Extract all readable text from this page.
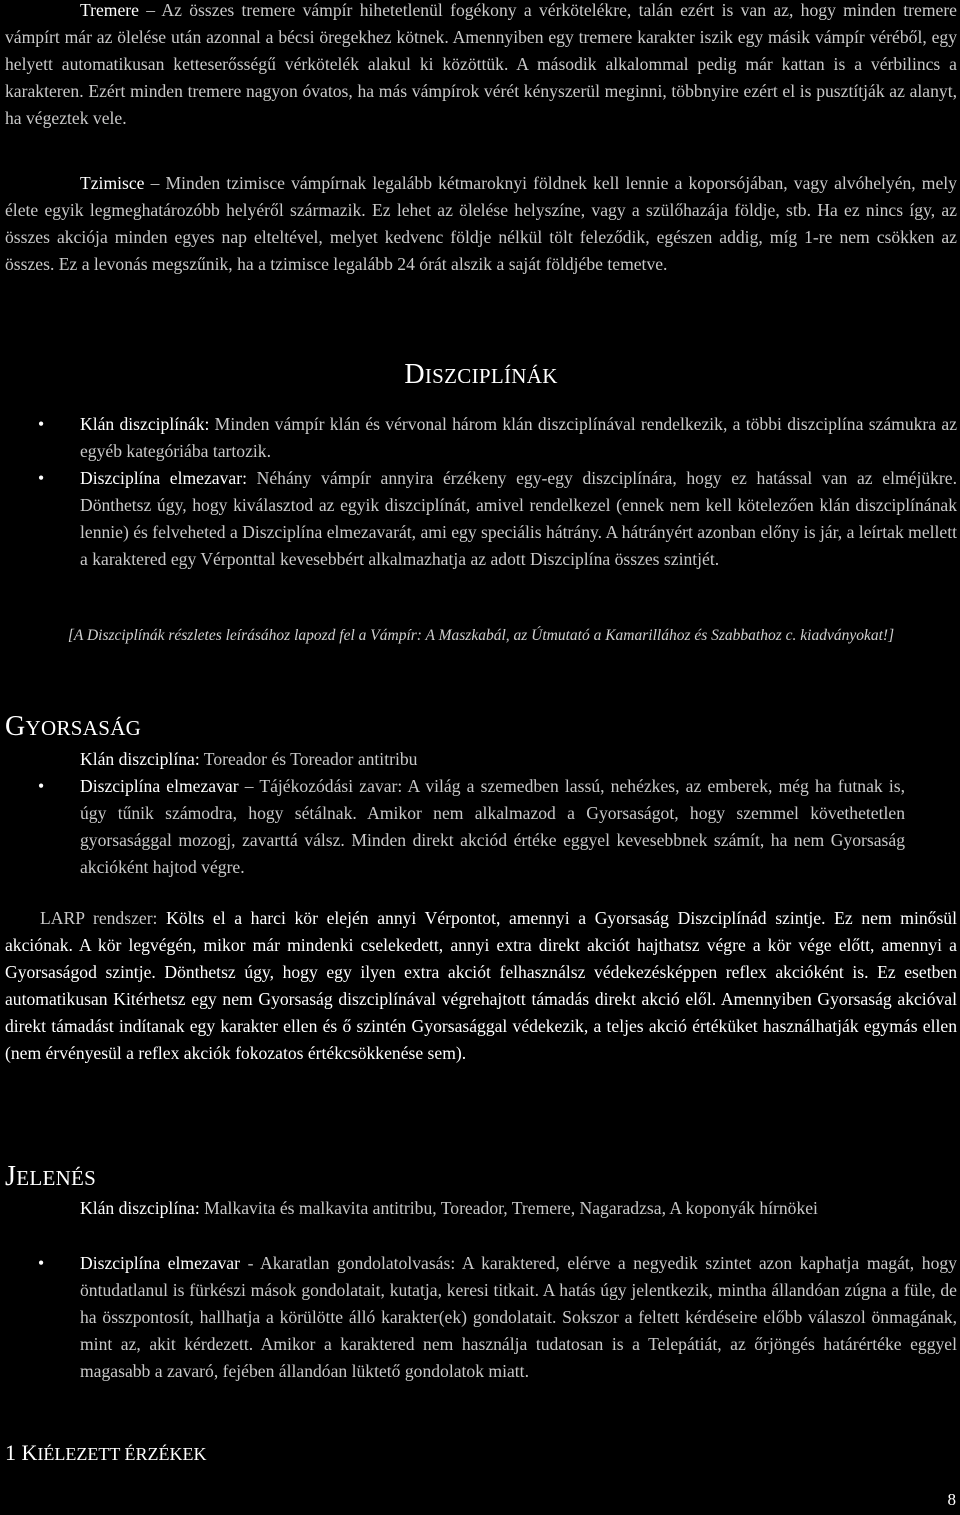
Tremere – Az összes tremere vámpír hihetetlenül fogékony a vérkötelékre, talán ezért is van az, hogy minden tremere vámpírt már az ölelése után azonnal a bécsi öregekhez kötnek. Amennyiben egy tremere karakter iszik egy másik vámpír véréből, egy helyett automatikusan ketteserősségű vérkötelék alakul ki közöttük. A második alkalommal pedig már kattan is a vérbilincs a karakteren. Ezért minden tremere nagyon óvatos, ha más vámpírok vérét kényszerül meginni, többnyire ezért el is pusztítják az alanyt, ha végeztek vele.

Tzimisce – Minden tzimisce vámpírnak legalább kétmaroknyi földnek kell lennie a koporsójában, vagy alvóhelyén, mely élete egyik legmeghatározóbb helyéről származik. Ez lehet az ölelése helyszíne, vagy a szülőhazája földje, stb. Ha ez nincs így, az összes akciója minden egyes nap elteltével, melyet kedvenc földje nélkül tölt feleződik, egészen addig, míg 1-re nem csökken az összes. Ez a levonás megszűnik, ha a tzimisce legalább 24 órát alszik a saját földjébe temetve.

DISZCIPLÍNÁK
• Klán diszciplínák: Minden vámpír klán és vérvonal három klán diszciplínával rendelkezik, a többi diszciplína számukra az egyéb kategóriába tartozik.
• Diszciplína elmezavar: Néhány vámpír annyira érzékeny egy-egy diszciplínára, hogy ez hatással van az elméjükre. Dönthetsz úgy, hogy kiválasztod az egyik diszciplínát, amivel rendelkezel (ennek nem kell kötelezően klán diszciplínának lennie) és felveheted a Diszciplína elmezavarát, ami egy speciális hátrány. A hátrányért azonban előny is jár, a leírtak mellett a karaktered egy Vérponttal kevesebbért alkalmazhatja az adott Diszciplína összes szintjét.

[A Diszciplínák részletes leírásához lapozd fel a Vámpír: A Maszkabál, az Útmutató a Kamarillához és Szabbathoz c. kiadványokat!]

GYORSASÁG

Klán diszciplína: Toreador és Toreador antitribu

• Diszciplína elmezavar – Tájékozódási zavar: A világ a szemedben lassú, nehézkes, az emberek, még ha futnak is, úgy tűnik számodra, hogy sétálnak. Amikor nem alkalmazod a Gyorsaságot, hogy szemmel követhetetlen gyorsasággal mozogj, zavarttá válsz. Minden direkt akciód értéke eggyel kevesebbnek számít, ha nem Gyorsaság akcióként hajtod végre.

LARP rendszer: Költs el a harci kör elején annyi Vérpontot, amennyi a Gyorsaság Diszciplínád szintje. Ez nem minősül akciónak. A kör legvégén, mikor már mindenki cselekedett, annyi extra direkt akciót hajthatsz végre a kör vége előtt, amennyi a Gyorsaságod szintje. Dönthetsz úgy, hogy egy ilyen extra akciót felhasználsz védekezésképpen reflex akcióként is. Ez esetben automatikusan Kitérhetsz egy nem Gyorsaság diszciplínával végrehajtott támadás direkt akció elől. Amennyiben Gyorsaság akcióval direkt támadást indítanak egy karakter ellen és ő szintén Gyorsasággal védekezik, a teljes akció értéküket használhatják egymás ellen (nem érvényesül a reflex akciók fokozatos értékcsökkenése sem).

JELENÉS

Klán diszciplína: Malkavita és malkavita antitribu, Toreador, Tremere, Nagaradzsa, A koponyák hírnökei

• Diszciplína elmezavar - Akaratlan gondolatolvasás: A karaktered, elérve a negyedik szintet azon kaphatja magát, hogy öntudatlanul is fürkészi mások gondolatait, kutatja, keresi titkait. A hatás úgy jelentkezik, mintha állandóan zúgna a füle, de ha összpontosít, hallhatja a körülötte álló karakter(ek) gondolatait. Sokszor a feltett kérdéseire előbb válaszol önmagának, mint az, akit kérdezett. Amikor a karaktered nem használja tudatosan is a Telepátiát, az őrjöngés határértéke eggyel magasabb a zavaró, fejében állandóan lüktető gondolatok miatt.

1 KIÉLEZETT ÉRZÉKEK

8
